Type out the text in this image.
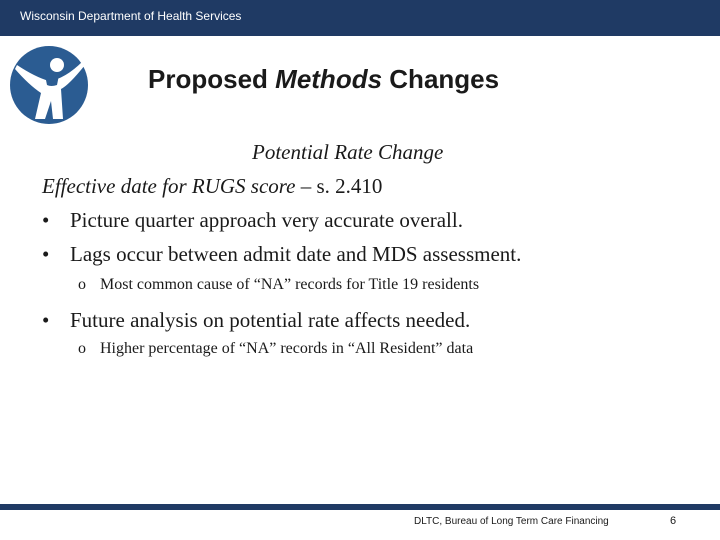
Wisconsin Department of Health Services
Proposed Methods Changes
Potential Rate Change
Effective date for RUGS score – s. 2.410
• Picture quarter approach very accurate overall.
• Lags occur between admit date and MDS assessment.
o Most common cause of “NA” records for Title 19 residents
• Future analysis on potential rate affects needed.
o Higher percentage of “NA” records in “All Resident” data
DLTC, Bureau of Long Term Care Financing	6
